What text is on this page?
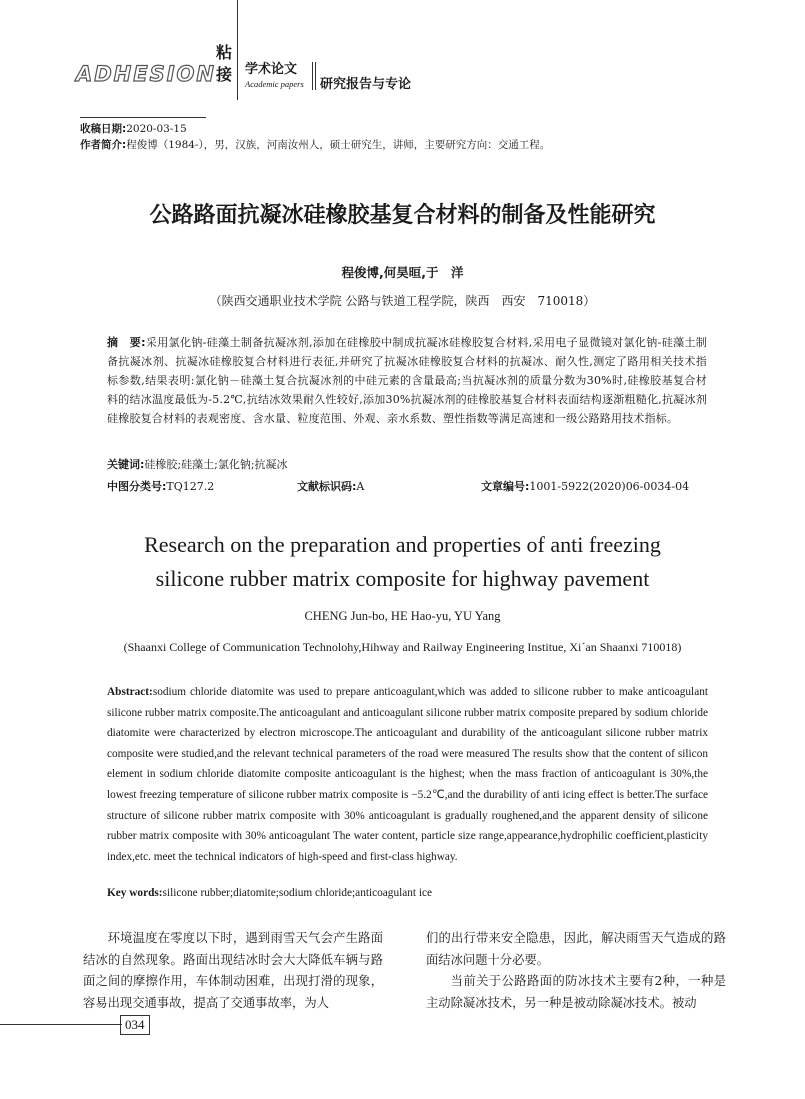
ADHESION
粘接 学术论文
Academic papers 研究报告与专论
收稿日期:2020-03-15
作者简介:程俊博（1984-），男，汉族，河南汝州人，硕士研究生，讲师，主要研究方向：交通工程。
公路路面抗凝冰硅橡胶基复合材料的制备及性能研究
程俊博,何昊晅,于　洋
（陕西交通职业技术学院 公路与铁道工程学院，陕西　西安　710018）
摘　要:采用氯化钠-硅藻土制备抗凝冰剂,添加在硅橡胶中制成抗凝冰硅橡胶复合材料,采用电子显微镜对氯化钠-硅藻土制备抗凝冰剂、抗凝冰硅橡胶复合材料进行表征,并研究了抗凝冰硅橡胶复合材料的抗凝冰、耐久性,测定了路用相关技术指标参数,结果表明:氯化钠－硅藻土复合抗凝冰剂的中硅元素的含量最高;当抗凝冰剂的质量分数为30%时,硅橡胶基复合材料的结冰温度最低为-5.2℃,抗结冰效果耐久性较好,添加30%抗凝冰剂的硅橡胶基复合材料表面结构逐渐粗糙化,抗凝冰剂硅橡胶复合材料的表观密度、含水量、粒度范围、外观、亲水系数、塑性指数等满足高速和一级公路路用技术指标。
关键词:硅橡胶;硅藻土;氯化钠;抗凝冰
中图分类号:TQ127.2	文献标识码:A	文章编号:1001-5922(2020)06-0034-04
Research on the preparation and properties of anti freezing
silicone rubber matrix composite for highway pavement
CHENG Jun-bo, HE Hao-yu, YU Yang
(Shaanxi College of Communication Technolohy,Hihway and Railway Engineering Institue, Xi´an Shaanxi 710018)
Abstract:sodium chloride diatomite was used to prepare anticoagulant,which was added to silicone rubber to make anticoagulant silicone rubber matrix composite.The anticoagulant and anticoagulant silicone rubber matrix composite prepared by sodium chloride diatomite were characterized by electron microscope.The anticoagulant and durability of the anticoagulant silicone rubber matrix composite were studied,and the relevant technical parameters of the road were measured The results show that the content of silicon element in sodium chloride diatomite composite anticoagulant is the highest; when the mass fraction of anticoagulant is 30%,the lowest freezing temperature of silicone rubber matrix composite is −5.2℃,and the durability of anti icing effect is better.The surface structure of silicone rubber matrix composite with 30% anticoagulant is gradually roughened,and the apparent density of silicone rubber matrix composite with 30% anticoagulant The water content, particle size range,appearance,hydrophilic coefficient,plasticity index,etc. meet the technical indicators of high-speed and first-class highway.
Key words:silicone rubber;diatomite;sodium chloride;anticoagulant ice
环境温度在零度以下时，遇到雨雪天气会产生路面结冰的自然现象。路面出现结冰时会大大降低车辆与路面之间的摩擦作用，车体制动困难，出现打滑的现象，容易出现交通事故，提高了交通事故率，为人
们的出行带来安全隐患，因此，解决雨雪天气造成的路面结冰问题十分必要。
当前关于公路路面的防冰技术主要有2种，一种是主动除凝冰技术，另一种是被动除凝冰技术。被动
034
